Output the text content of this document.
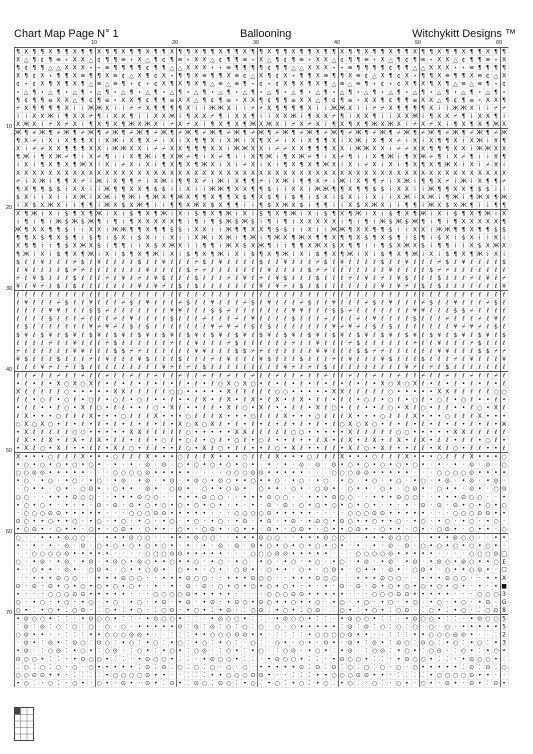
Chart Map Page N° 1	Ballooning	Witchykitt Designs ™
10	20	30	40	50	60
10
20
30
40
50
60
70
¶ X ¶ ¶ X ¶ ¶ X ¶ ¶ X ¶ ¶ X ¶ ¶ X ¶ ¶ X ¶ ¶ X ¶ ¶ X ¶ ¶ X ¶ ¶ X ¶ ¶ X ¶ ¶ X ¶ ¶ X ¶ ¶ X ¶ ¶ X ¶ ¶ X ¶ ¶ X ¶ ¶ X ¶ ¶ X ¶ ¶
X △ ¶ ¢ ¶ ≡ ⋆ X X △ ¢ ¶ ¶ ≡ ⋆ X △ ¶ ¢ ¶ ≡ ⋆ X X △ ¢ ¶ ¶ ≡ ⋆ X △ ¶ ¢ ¶ ≡ ⋆ X X △ ¢ ¶ ¶ ≡ ⋆ X △ ¶ ¢ ¶ ≡ ⋆ X X △ ¢ ¶ ¶ ≡ ⋆ X
¶ ¢ ¶ ¶ △ △ X X X ⋆ ⋆ ≡ ¶ ¶ ¶ ¶ ¢ ¶ ¶ △ △ X X X ⋆ ⋆ ≡ ¶ ¶ ¶ ¶ ¢ ¶ ¶ △ △ X X X ⋆ ⋆ ≡ ¶ ¶ ¶ ¶ ¢ ¶ ¶ △ △ X X X ⋆ ⋆ ≡ ¶ ¶ ¶ ¶
X ¶ ¢ X ⋆ ¶ ¶ X ≡ ¶ ¶ X ≡ ¢ △ X ¶ ¢ X ⋆ ¶ ¶ X ≡ ¶ ¶ X ≡ ¢ △ X ¶ ¢ X ⋆ ¶ ¶ X ≡ ¶ ¶ X ≡ ¢ △ X ¶ ¢ X ⋆ ¶ ¶ X ≡ ¶ ¶ X ≡ ¢ △ X
¢ ⋆ ¢ X ¶ X ¶ X ¶ △ ≡ △ ≡ ¶ ⋆ ¢ ⋆ ¢ X ¶ X ¶ X ¶ △ ≡ △ ≡ ¶ ⋆ ¢ ⋆ ¢ X ¶ X ¶ X ¶ △ ≡ △ ≡ ¶ ⋆ ¢ ⋆ ¢ X ¶ X ¶ X ¶ △ ≡ △ ≡ ¶ ⋆ ¢
⋆ △ ¶ ⋆ △ ¶ ⋆ △ ¶ ⋆ △ ¶ ⋆ △ ¶ ⋆ △ ¶ ⋆ △ ¶ ⋆ △ ¶ ⋆ △ ¶ ⋆ △ ¶ ⋆ △ ¶ ⋆ △ ¶ ⋆ △ ¶ ⋆ △ ¶ ⋆ △ ¶ ⋆ △ ¶ ⋆ △ ¶ ⋆ △ ¶ ⋆ △ ¶ ⋆ △ ¶ ⋆
¶ ¢ ¶ ¶ ≡ X X △ ¶ ¢ ¶ ≡ ⋆ X X ¶ ¢ ¶ ¶ ≡ X X △ ¶ ¢ ¶ ≡ ⋆ X X ¶ ¢ ¶ ¶ ≡ X X △ ¶ ¢ ¶ ≡ ⋆ X X ¶ ¢ ¶ ¶ ≡ X X △ ¶ ¢ ¶ ≡ ⋆ X X ¶
⌿ X ¶ ¶ ¶ ¶ X i i Ж Ж X i i ⌿ ⌿ X ¶ ¶ ¶ ¶ X i i Ж Ж X i i ⌿ ⌿ X ¶ ¶ ¶ ¶ X i i Ж Ж X i i ⌿ ⌿ X ¶ ¶ ¶ ¶ X i i Ж Ж X i i ⌿ ⌿
i i X X Ж i ¶ X X ⌿ ¶ i X X ¶ i i X X Ж i ¶ X X ⌿ ¶ i X X ¶ i i X X Ж i ¶ X X ⌿ ¶ i X X ¶ i i X X Ж i ¶ X X ⌿ ¶ i X X ¶ i
X Ж X i ⌿ X ⌿ X i ¶ X ¶ X ¶ Ж X Ж X i ⌿ X ⌿ X i ¶ X ¶ X ¶ Ж X Ж X i ⌿ X ⌿ X i ¶ X ¶ X ¶ Ж X Ж X i ⌿ X ⌿ X i ¶ X ¶ X ¶ Ж X
Ж ¶ ⌿ Ж ¶ ⌿ Ж ¶ ⌿ Ж ¶ ⌿ Ж ¶ ⌿ Ж ¶ ⌿ Ж ¶ ⌿ Ж ¶ ⌿ Ж ¶ ⌿ Ж ¶ ⌿ Ж ¶ ⌿ Ж ¶ ⌿ Ж ¶ ⌿ Ж ¶ ⌿ Ж ¶ ⌿ Ж ¶ ⌿ Ж ¶ ⌿ Ж ¶ ⌿ Ж ¶ ⌿ Ж ¶ ⌿ Ж
¶ X ⌿ i X i X ¶ ¶ X i X Ж i X ¶ X ⌿ i X i X ¶ ¶ X i X Ж i X ¶ X ⌿ i X i X ¶ ¶ X i X Ж i X ¶ X ⌿ i X i X ¶ ¶ X i X Ж i X ¶
X i ⌿ ⌿ X X ¶ ¶ ¶ X X i Ж Ж X X i ⌿ ⌿ X X ¶ ¶ ¶ X X i Ж Ж X X i ⌿ ⌿ X X ¶ ¶ ¶ X X i Ж Ж X X i ⌿ ⌿ X X ¶ ¶ ¶ X X i Ж Ж X X
¶ Ж i ¶ X Ж ⌿ ¶ i X ⌿ ¶ i i X ¶ Ж i ¶ X Ж ⌿ ¶ i X ⌿ ¶ i i X ¶ Ж i ¶ X Ж ⌿ ¶ i X ⌿ ¶ i i X ¶ Ж i ¶ X Ж ⌿ ¶ i X ⌿ ¶ i i X ¶
i X i ¶ X ¶ X ¶ Ж X i X i ⌿ X i X i ¶ X ¶ X ¶ Ж X i X i ⌿ X i X i ¶ X ¶ X ¶ Ж X i X i ⌿ X i X i ¶ X ¶ X ¶ Ж X i X i ⌿ X i
X X X X X X X X X X X X X X X X X X X X X X X X X X X X X X X X X X X X X X X X X X X X X X X X X X X X X X X X X X X X X
⌿ i X Ж i ¶ ¶ X ⌿ i Ж i X ¶ ¶ ⌿ i X Ж i ¶ ¶ X ⌿ i Ж i X ¶ ¶ ⌿ i X Ж i ¶ ¶ X ⌿ i Ж i X ¶ ¶ ⌿ i X Ж i ¶ ¶ X ⌿ i Ж i X ¶ ¶ ⌿
¶ X ¶ ¶ $ $ i X X i i Ж ¶ ¶ X X ¶ $ $ i i X i i Ж Ж ¶ X X ¶ ¶ $ i i X X i Ж Ж ¶ ¶ X ¶ ¶ $ $ i X X i i Ж ¶ ¶ X X ¶ $ $ i i
$ X i i X i i X Ж i X Ж i ¶ Ж i ¶ Ж X ¶ Ж X ¶ ¶ X ¶ ¶ X $ ¶ X $ ¶ i $ ¶ i $ X i $ X i i X i i X Ж i X Ж i ¶ Ж i ¶ Ж X ¶ Ж
i X $ X Ж X i i ¶ ¶ i Ж X $ X Ж ¶ i i ¶ ¶ X Ж X $ X ¶ ¶ i i ¶ $ X Ж X $ i ¶ ¶ i i X $ X Ж X i i ¶ ¶ i Ж X $ X Ж ¶ i i ¶ ¶
X ¶ Ж i X i $ ¶ X ¶ Ж i X i $ ¶ X ¶ Ж i X i $ ¶ X ¶ Ж i X i $ ¶ X ¶ Ж i X i $ ¶ X ¶ Ж i X i $ ¶ X ¶ Ж i X i $ ¶ X ¶ Ж i X
i ¶ i ¶ i Ж $ Ж $ Ж ¶ i ¶ i ¶ X X X X X ¶ i ¶ i ¶ $ Ж $ Ж $ i ¶ i ¶ i X X X X X i ¶ i ¶ i Ж $ Ж $ Ж ¶ i ¶ i ¶ X X X X X ¶
Ж ¶ X X ¶ ¶ $ i i X X i Ж Ж ¶ ¶ X ¶ ¶ $ $ i X X i i Ж ¶ ¶ X X ¶ $ $ i i X i i Ж Ж ¶ X X ¶ ¶ $ i i X X i Ж Ж ¶ ¶ X ¶ ¶ $ $
¶ ¶ X $ ¶ X $ ¶ i $ ¶ i $ X i $ X i i X i i X Ж i X Ж i ¶ Ж i ¶ Ж X ¶ Ж X ¶ ¶ X ¶ ¶ X $ ¶ X $ ¶ i $ ¶ i $ X i $ X i i X i
X ¶ ¶ i i ¶ $ X Ж X $ i ¶ ¶ i i X $ X Ж X i i ¶ ¶ i Ж X $ X Ж ¶ i i ¶ ¶ X Ж X $ X ¶ ¶ i i ¶ $ X Ж X $ i ¶ ¶ i i X $ X Ж X
¶ Ж i X i $ ¶ X ¶ Ж i X i $ ¶ X ¶ Ж i X i $ ¶ X ¶ Ж i X i $ ¶ X ¶ Ж i X i $ ¶ X ¶ Ж i X i $ ¶ X ¶ Ж i X i $ ¶ X ¶ Ж i X i
$ ℓ ℓ ¥ ℓ ℓ ℓ ⌿ $ ℓ ¥ ℓ ℓ ℓ ℓ $ ℓ ℓ ¥ ℓ ℓ ℓ ⌿ $ ℓ ¥ ℓ ℓ ℓ ℓ $ ℓ ℓ ¥ ℓ ℓ ℓ ⌿ $ ℓ ¥ ℓ ℓ ℓ ℓ $ ℓ ℓ ¥ ℓ ℓ ℓ ⌿ $ ℓ ¥ ℓ ℓ ℓ ℓ $
ℓ ¥ ℓ ℓ ℓ ℓ $ ⌿ ⌿ ℓ ℓ ℓ ℓ ℓ ℓ ℓ ¥ ℓ ℓ ℓ ℓ $ ⌿ ⌿ ℓ ℓ ℓ ℓ ℓ ℓ ℓ ¥ ℓ ℓ ℓ ℓ $ ⌿ ⌿ ℓ ℓ ℓ ℓ ℓ ℓ ℓ ¥ ℓ ℓ ℓ ℓ $ ⌿ ⌿ ℓ ℓ ℓ ℓ ℓ ℓ ℓ
⌿ ℓ ¥ $ ℓ ℓ ℓ $ ℓ ℓ ℓ ⌿ ℓ ¥ ℓ ⌿ ℓ ¥ $ ℓ ℓ ℓ $ ℓ ℓ ℓ ⌿ ℓ ¥ ℓ ⌿ ℓ ¥ $ ℓ ℓ ℓ $ ℓ ℓ ℓ ⌿ ℓ ¥ ℓ ⌿ ℓ ¥ $ ℓ ℓ ℓ $ ℓ ℓ ℓ ⌿ ℓ ¥ ℓ ⌿
¥ ℓ ¥ ⌿ ℓ $ ℓ $ ℓ ℓ ℓ ℓ ℓ ℓ ℓ ¥ ℓ ¥ ⌿ ℓ $ ℓ $ ℓ ℓ ℓ ℓ ℓ ℓ ℓ ¥ ℓ ¥ ⌿ ℓ $ ℓ $ ℓ ℓ ℓ ℓ ℓ ℓ ℓ ¥ ℓ ¥ ⌿ ℓ $ ℓ $ ℓ ℓ ℓ ℓ ℓ ℓ ℓ ¥
ℓ ℓ ℓ ℓ ℓ ℓ ℓ ℓ ℓ ℓ ℓ ℓ ℓ ℓ ℓ ℓ ℓ ℓ ℓ ℓ ℓ ℓ ℓ ℓ ℓ ℓ ℓ ℓ ℓ ℓ ℓ ℓ ℓ ℓ ℓ ℓ ℓ ℓ ℓ ℓ ℓ ℓ ℓ ℓ ℓ ℓ ℓ ℓ ℓ ℓ ℓ ℓ ℓ ℓ ℓ ℓ ℓ ℓ ℓ ℓ ℓ
ℓ ¥ ℓ ℓ ℓ ⌿ $ ℓ ℓ ¥ ℓ ℓ ℓ ⌿ $ ℓ ¥ ℓ ℓ ℓ ⌿ $ ℓ ℓ ¥ ℓ ℓ ℓ ⌿ $ ℓ ¥ ℓ ℓ ℓ ⌿ $ ℓ ℓ ¥ ℓ ℓ ℓ ⌿ $ ℓ ¥ ℓ ℓ ℓ ⌿ $ ℓ ℓ ¥ ℓ ℓ ℓ ⌿ $ ℓ
ℓ ℓ ℓ ℓ ¥ ¥ ℓ ℓ ℓ $ $ ⌿ ℓ ℓ ℓ ℓ ℓ ℓ ℓ ¥ ¥ ℓ ℓ ℓ $ $ ⌿ ℓ ℓ ℓ ℓ ℓ ℓ ℓ ¥ ¥ ℓ ℓ ℓ $ $ ⌿ ℓ ℓ ℓ ℓ ℓ ℓ ℓ ¥ ¥ ℓ ℓ ℓ $ $ ⌿ ℓ ℓ ℓ ℓ
ℓ ℓ ℓ ℓ $ ℓ ℓ ℓ ⌿ ℓ ℓ ℓ ⌿ ℓ ¥ ℓ ℓ ℓ ℓ $ ℓ ℓ ℓ ⌿ ℓ ℓ ℓ ⌿ ℓ ¥ ℓ ℓ ℓ ℓ $ ℓ ℓ ℓ ⌿ ℓ ℓ ℓ ⌿ ℓ ¥ ℓ ℓ ℓ ℓ $ ℓ ℓ ℓ ⌿ ℓ ℓ ℓ ⌿ ℓ ¥ ℓ
ℓ $ ℓ ℓ ℓ ℓ ℓ ℓ ℓ ¥ ⌿ ¥ ⌿ ℓ $ ℓ $ ℓ ℓ ℓ ℓ ℓ ℓ ℓ ¥ ⌿ ¥ ⌿ ℓ $ ℓ $ ℓ ℓ ℓ ℓ ℓ ℓ ℓ ¥ ⌿ ¥ ⌿ ℓ $ ℓ $ ℓ ℓ ℓ ℓ ℓ ℓ ℓ ¥ ⌿ ¥ ⌿ ℓ $ ℓ
$ ¥ ℓ $ ¥ ℓ $ ¥ ℓ $ ¥ ℓ $ ¥ ℓ $ ¥ ℓ $ ¥ ℓ $ ¥ ℓ $ ¥ ℓ $ ¥ ℓ $ ¥ ℓ $ ¥ ℓ $ ¥ ℓ $ ¥ ℓ $ ¥ ℓ $ ¥ ℓ $ ¥ ℓ $ ¥ ℓ $ ¥ ℓ $ ¥ ℓ $
ℓ ℓ ℓ ℓ ⌿ ℓ ℓ ¥ ℓ ℓ ℓ ⌿ $ ℓ ℓ ℓ ℓ ℓ ℓ ⌿ ℓ ℓ ¥ ℓ ℓ ℓ ⌿ $ ℓ ℓ ℓ ℓ ℓ ℓ ⌿ ℓ ℓ ¥ ℓ ℓ ℓ ⌿ $ ℓ ℓ ℓ ℓ ℓ ℓ ⌿ ℓ ℓ ¥ ℓ ℓ ℓ ⌿ $ ℓ ℓ ℓ
⌿ ℓ ℓ ℓ ℓ ℓ ℓ ¥ ¥ ℓ ℓ ℓ $ $ ⌿ ⌿ ℓ ℓ ℓ ℓ ℓ ℓ ¥ ¥ ℓ ℓ ℓ $ $ ⌿ ⌿ ℓ ℓ ℓ ℓ ℓ ℓ ¥ ¥ ℓ ℓ ℓ $ $ ⌿ ⌿ ℓ ℓ ℓ ℓ ℓ ℓ ¥ ¥ ℓ ℓ ℓ $ $ ⌿ ⌿
¥ $ ℓ ℓ ℓ $ ℓ ℓ ℓ ⌿ ℓ ¥ ℓ ℓ ℓ ¥ $ ℓ ℓ ℓ $ ℓ ℓ ℓ ⌿ ℓ ¥ ℓ ℓ ℓ ¥ $ ℓ ℓ ℓ $ ℓ ℓ ℓ ⌿ ℓ ¥ ℓ ℓ ℓ ¥ $ ℓ ℓ ℓ $ ℓ ℓ ℓ ⌿ ℓ ¥ ℓ ℓ ℓ ¥
ℓ ℓ ℓ ¥ ⌿ ℓ ⌿ ℓ $ ℓ ℓ ℓ ℓ ℓ ℓ ℓ ℓ ℓ ¥ ⌿ ℓ ⌿ ℓ $ ℓ ℓ ℓ ℓ ℓ ℓ ℓ ℓ ℓ ¥ ⌿ ℓ ⌿ ℓ $ ℓ ℓ ℓ ℓ ℓ ℓ ℓ ℓ ℓ ¥ ⌿ ℓ ⌿ ℓ $ ℓ ℓ ℓ ℓ ℓ ℓ ℓ
ℓ ℓ ⌿ ℓ ℓ ⌿ ℓ ℓ ⌿ ℓ ℓ ⌿ ℓ ℓ ⌿ ℓ ℓ ⌿ ℓ ℓ ⌿ ℓ ℓ ⌿ ℓ ℓ ⌿ ℓ ℓ ⌿ ℓ ℓ ⌿ ℓ ℓ ⌿ ℓ ℓ ⌿ ℓ ℓ ⌿ ℓ ℓ ⌿ ℓ ℓ ⌿ ℓ ℓ ⌿ ℓ ℓ ⌿ ℓ ℓ ⌿ ℓ ℓ ⌿ ℓ
• ℓ • ℓ • X ○ X ○ X ℓ • ℓ • ℓ • ℓ • ℓ • ℓ • ℓ • ℓ ○ X ○ X ○ • ℓ • ℓ • ℓ • ℓ • ℓ • ℓ • ℓ • X ○ X ○ X ℓ • ℓ • ℓ • ℓ • ℓ • ℓ
X ℓ ℓ ℓ ℓ ℓ ○ • • • • • X X ℓ ℓ ℓ ℓ ℓ ○ ○ • • • • • X ℓ ℓ ℓ ℓ ℓ ○ ○ • • • • • X X ℓ ℓ ℓ ℓ ℓ ○ • • • • • X X ℓ ℓ ℓ ℓ ℓ ○ ○
ℓ ℓ • ○ ℓ • ○ ℓ • ○ ℓ • ○ ℓ • ○ ℓ • • ℓ • • ℓ X • ℓ X • ℓ X • ℓ X • ℓ X • ℓ ℓ • ℓ ℓ • ○ ℓ • ○ ℓ • ○ ℓ • ○ ℓ • ○ ℓ • • ℓ •
• ℓ ℓ • • ℓ ○ • X ℓ ○ • ℓ ℓ • • ℓ ○ • X ℓ • • ℓ ℓ • X ℓ ○ • X ℓ • • ℓ ℓ • X ℓ ○ • ℓ ℓ • • ℓ ○ • X ℓ ○ • ℓ ℓ • • ℓ ○ • X ℓ
ℓ X • • • ○ ℓ ℓ ℓ X • • • ○ ℓ ℓ ℓ X • • • ○ ℓ ℓ ℓ X • • • ○ ℓ ℓ ℓ X • • • ○ ℓ ℓ ℓ X • • • ○ ℓ ℓ ℓ X • • • ○ ℓ ℓ ℓ X • • •
○ X ○ X ○ • ℓ • ℓ • ℓ • ℓ • ℓ • ℓ • ℓ • X ○ X ○ X ℓ • ℓ • ℓ • ℓ • ℓ • ℓ • ℓ • ℓ ○ X ○ X ○ • ℓ • ℓ • ℓ • ℓ • ℓ • ℓ • ℓ • X
• X ℓ ℓ ℓ ℓ ℓ ○ ○ • • • • • X X ℓ ℓ ℓ ℓ ℓ ○ • • • • • X X ℓ ℓ ℓ ℓ ℓ ○ ○ • • • • • X ℓ ℓ ℓ ℓ ℓ ○ ○ • • • • • X X ℓ ℓ ℓ ℓ ℓ
ℓ X • ℓ X • ℓ X • ℓ X • ℓ ℓ • ℓ ℓ • ○ ℓ • ○ ℓ • ○ ℓ • ○ ℓ • ○ ℓ • • ℓ • • ℓ X • ℓ X • ℓ X • ℓ X • ℓ X • ℓ ℓ • ℓ ℓ • ○ ℓ •
• X ℓ ○ • X ℓ • • ℓ ℓ • X ℓ ○ • ℓ ℓ • • ℓ ○ • X ℓ ○ • ℓ ℓ • • ℓ ○ • X ℓ • • ℓ ℓ • X ℓ ○ • X ℓ • • ℓ ℓ • X ℓ ○ • ℓ ℓ • • ℓ
X • • • ○ ℓ ℓ ℓ X • • • ○ ℓ ℓ ℓ X • • • ○ ℓ ℓ ℓ X • • • ○ ℓ ℓ ℓ X • • • ○ ℓ ℓ ℓ X • • • ○ ℓ ℓ ℓ X • • • ○ ℓ ℓ ℓ X • • • ○
• ○ • ○ • ○ • ○ • ○ • · • · • · ⊙ · ⊙ · ○ • ○ • ○ • ○ • ○ • · • · • · ⊙ · ⊙ · ⊙ • ○ • ○ • ○ • ○ • ○ • · • · • · ⊙ · ⊙ · ○
○ ○ ⊙ ⊙ • • • • • · · · ○ ○ ○ ○ ⊙ • • • • • · · · · ○ ○ ○ ⊙ ⊙ • • • • • · · · ○ ○ ○ ⊙ ⊙ • • • • • · · · ○ ○ ○ ○ ⊙ • • • •
• ○ · • ○ · • ○ · • ○ · • ⊙ · • ⊙ · • ⊙ · • ⊙ ○ • ⊙ ○ • • ○ • • ○ · • ○ · • ○ · • ○ · • ○ · • ○ · • ○ · • ⊙ · • ⊙ · • ⊙ ·
· ○ • • · ○ • · ○ ⊙ • · ○ • • · ⊙ • · ○ ⊙ • · ○ • • ○ ⊙ • · ○ • • · ○ • · ○ ⊙ • · ○ • • · ○ • · ○ ⊙ • · ○ • • · ⊙ • · ○ ⊙
○ ○ · · • • • ⊙ ○ ○ · · • • • ⊙ ○ ○ · · • • • ⊙ ○ ○ · · • • • ⊙ ○ ○ · · • • • ⊙ ○ ○ · · • • • ⊙ ○ ○ · · • • • ⊙ ○ ○ · · •
• ○ • ○ • · • · • · ⊙ · ⊙ · ⊙ • ○ • ○ • ○ • ○ • ○ • · • · • · ⊙ · ⊙ · ○ • ○ • ○ • ○ • ○ • · • · • · ⊙ · ⊙ · ⊙ • ○ • ○ • ○
· ○ ○ ○ ⊙ ⊙ • • • • • · · · ○ ○ ○ ⊙ ⊙ • • • • • · · · ○ ○ ○ ○ ⊙ • • • • • · · · · ○ ○ ○ ⊙ ⊙ • • • • • · · · ○ ○ ○ ⊙ ⊙ • •
⊙ ○ • • ○ • • ○ · • ○ · • ○ · • ○ · • ○ · • ○ · • ○ · • ⊙ · • ⊙ · • ⊙ · • ⊙ ○ • ⊙ ○ • • ○ • • ○ · • ○ · • ○ · • ○ · • ○ ·
• ○ ⊙ • · ○ • • · ○ • · ○ ⊙ • · ○ • • · ○ • · ○ ⊙ • · ○ • • · ⊙ • · ○ ⊙ • · ○ • • ○ ⊙ • · ○ • • · ○ • · ○ ⊙ • · ○ • • · ○
○ · · • • • ⊙ ○ ○ · · • • • ⊙ ○ ○ · · • • • ⊙ ○ ○ · · • • • ⊙ ○ ○ · · • • • ⊙ ○ ○ · · • • • ⊙ ○ ○ · · • • • ⊙ ○ ○ · · • •
• · • · • · ⊙ · ⊙ · ○ • ○ • ○ • ○ • ○ • · • · • · ⊙ · ⊙ · ⊙ • ○ • ○ • ○ • ○ • ○ • · • · • · ⊙ · ⊙ · ○ • ○ • ○ • ○ • ○ • ·
· · ○ ○ ○ ○ ⊙ • • • • • · · · · ○ ○ ○ ⊙ ⊙ • • • • • · · · ○ ○ ○ ⊙ ⊙ • • • • • · · · ○ ○ ○ ○ ⊙ • • • • • · · · · ○ ○ ○ ⊙ □
○ · • ⊙ · • ⊙ · • ⊙ · • ⊙ ○ • ⊙ ○ • • ○ • • ○ · • ○ · • ○ · • ○ · • ○ · • ○ · • ○ · • ⊙ · • ⊙ · • ⊙ · • ⊙ ○ • ⊙ ○ • • ○ £
• · ○ • • · ⊙ • · ○ ⊙ • · ○ • • ○ ⊙ • · ○ • • · ○ • · ○ ⊙ • · ○ • • · ○ • · ○ ⊙ • · ○ • • · ⊙ • · ○ ⊙ • · ○ • • ○ ⊙ • · ☐
· · • • • ⊙ ○ ○ · · • • • ⊙ ○ ○ · · • • • ⊙ ○ ○ · · • • • ⊙ ○ ○ · · • • • ⊙ ○ ○ · · • • • ⊙ ○ ○ · · • • • ⊙ ○ ○ · · • • X
⊙ · ⊙ · ⊙ • ○ • ○ • ○ • ○ • ○ • · • · • · ⊙ · ⊙ · ○ • ○ • ○ • ○ • ○ • · • · • · ⊙ · ⊙ · ⊙ • ○ • ○ • ○ • ○ • ○ • · • · • ■
• · · · ○ ○ ○ ⊙ ⊙ • • • • • · · · ○ ○ ○ ○ ⊙ • • • • • · · · · ○ ○ ○ ⊙ ⊙ • • • • • · · · ○ ○ ○ ⊙ ⊙ • • • • • · · · ○ ○ ○ 3
○ · • ○ · • ○ · • ○ · • ○ · • ○ · • ⊙ · • ⊙ · • ⊙ · • ⊙ ○ • ⊙ ○ • • ○ • • ○ · • ○ · • ○ · • ○ · • ○ · • ○ · • ○ · • ⊙ · G
○ • ⁚ • ○ • ⁚ ○ ⊙ · ⁚ ○ • ⁚ • ○ · ⁚ ○ ⊙ · • ○ • ⁚ • ⊙ · ⁚ ○ ⊙ ⁚ • ○ • ⁚ ○ ⊙ · ⁚ ○ • ⁚ • ○ • ⁚ ○ ⊙ · ⁚ ○ • ⁚ • ○ · ⁚ ○ ⊙ 8
• ⊙ ○ ○ • ⁚ ⁚ · • ⊙ ○ ○ • ⁚ ⁚ · • ⊙ ○ ○ • ⁚ ⁚ · • ⊙ ○ ○ • ⁚ ⁚ · • ⊙ ○ ○ • ⁚ ⁚ · • ⊙ ○ ○ • ⁚ ⁚ · • ⊙ ○ ○ • ⁚ ⁚ · • ⊙ ○ ○ 5
⁚ ⊙ ⁚ ⊙ ⁚ ○ ⁚ ○ ⁚ ○ · ○ · ○ · • • • • • ⊙ ⁚ ⊙ ⁚ ⊙ ⁚ ○ ⁚ ○ ⁚ ○ · ○ · ○ • • • • • ⁚ ⊙ ⁚ ⊙ ⁚ ○ ⁚ ○ ⁚ ○ · ○ · ○ · • • • • • 5
○ ⊙ • • · · ⁚ ⁚ ⁚ • • ○ ○ ○ ⊙ ⊙ • · · ⁚ ⁚ ⁚ • • ○ ○ ○ ⊙ ⊙ • • · ⁚ ⁚ ⁚ ⁚ • ○ ○ ○ ○ ⊙ • • · · ⁚ ⁚ ⁚ • • ○ ○ ○ ⊙ ⊙ • · · ⁚ 2
· ⊙ • ⁚ ⊙ • ⁚ ⊙ ○ ⁚ ⊙ ○ ⁚ • ○ ⁚ • ○ ⁚ • ○ ⁚ • ○ ⁚ • ○ ⁚ · ○ ⁚ · ○ • · ○ • · ⊙ • · ⊙ • ⁚ ⊙ • ⁚ ⊙ ○ ⁚ ⊙ ○ ⁚ • ○ ⁚ • ○ ⁚ • 3
• ⊙ · ⁚ ○ ⊙ ⁚ • ○ • ⁚ ○ ⊙ · ⁚ ○ • ⁚ • ○ • ⁚ ○ ⊙ · ⁚ ○ • ⁚ • ○ · ⁚ ○ ⊙ · • ○ • ⁚ • ⊙ · ⁚ ○ ⊙ ⁚ • ○ • ⁚ ○ ⊙ · ⁚ ○ • ⁚ • ○ •
⊙ ○ ○ • ⁚ ⁚ · • ⊙ ○ ○ • ⁚ ⁚ · • ⊙ ○ ○ • ⁚ ⁚ · • ⊙ ○ ○ • ⁚ ⁚ · • ⊙ ○ ○ • ⁚ ⁚ · • ⊙ ○ ○ • ⁚ ⁚ · • ⊙ ○ ○ • ⁚ ⁚ · • ⊙ ○ ○ • ⁚
⁚ ○ ⁚ ○ ⁚ ○ · ○ · ○ • • • • • ⁚ ⊙ ⁚ ⊙ ⁚ ○ ⁚ ○ ⁚ ○ · ○ · ○ · • • • • • ⊙ ⁚ ⊙ ⁚ ⊙ ⁚ ○ ⁚ ○ ⁚ ○ · ○ · ○ • • • • • ⁚ ⊙ ⁚ ⊙ ⁚ ○
○ ○ ⊙ ⊙ • • · ⁚ ⁚ ⁚ ⁚ • ○ ○ ○ ○ ⊙ • • · · ⁚ ⁚ ⁚ • • ○ ○ ○ ⊙ ⊙ • · · ⁚ ⁚ ⁚ • • ○ ○ ○ ⊙ ⊙ • • · ⁚ ⁚ ⁚ ⁚ • ○ ○ ○ ○ ⊙ • • · ·
• ○ ⁚ · ○ ⁚ · ○ • · ○ • · ⊙ • · ⊙ • ⁚ ⊙ • ⁚ ⊙ ○ ⁚ ⊙ ○ ⁚ • ○ ⁚ • ○ ⁚ • ○ ⁚ • ○ ⁚ • ○ ⁚ · ○ ⁚ · ○ • · ○ • · ⊙ • · ⊙ • ⁚ ⊙ •
